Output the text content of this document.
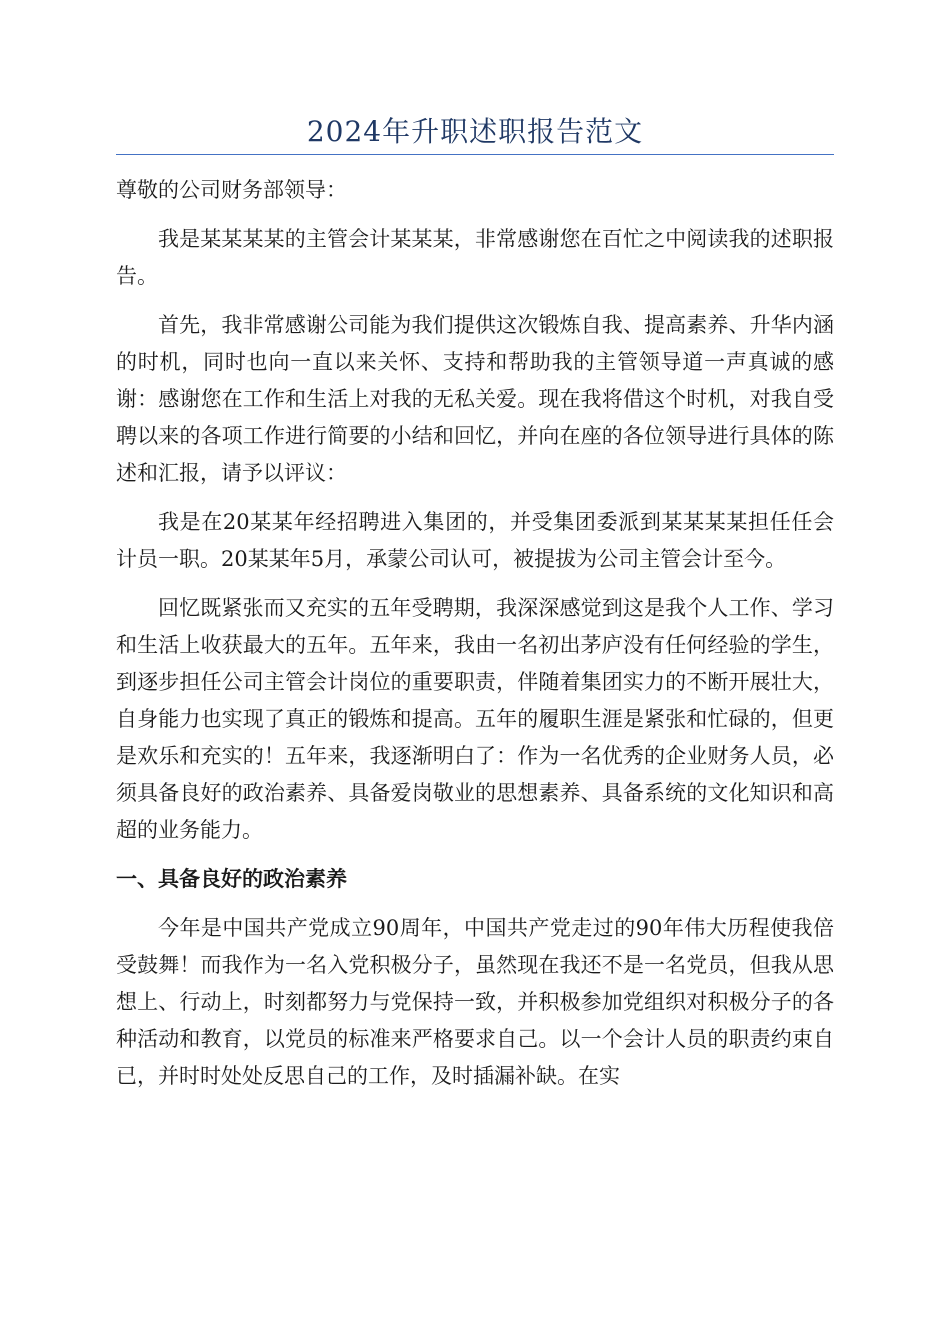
2024年升职述职报告范文

尊敬的公司财务部领导：

我是某某某某的主管会计某某某，非常感谢您在百忙之中阅读我的述职报告。

首先，我非常感谢公司能为我们提供这次锻炼自我、提高素养、升华内涵的时机，同时也向一直以来关怀、支持和帮助我的主管领导道一声真诚的感谢：感谢您在工作和生活上对我的无私关爱。现在我将借这个时机，对我自受聘以来的各项工作进行简要的小结和回忆，并向在座的各位领导进行具体的陈述和汇报，请予以评议：

我是在20某某年经招聘进入集团的，并受集团委派到某某某某担任任会计员一职。20某某年5月，承蒙公司认可，被提拔为公司主管会计至今。

回忆既紧张而又充实的五年受聘期，我深深感觉到这是我个人工作、学习和生活上收获最大的五年。五年来，我由一名初出茅庐没有任何经验的学生，到逐步担任公司主管会计岗位的重要职责，伴随着集团实力的不断开展壮大，自身能力也实现了真正的锻炼和提高。五年的履职生涯是紧张和忙碌的，但更是欢乐和充实的！五年来，我逐渐明白了：作为一名优秀的企业财务人员，必须具备良好的政治素养、具备爱岗敬业的思想素养、具备系统的文化知识和高超的业务能力。

一、具备良好的政治素养

今年是中国共产党成立90周年，中国共产党走过的90年伟大历程使我倍受鼓舞！而我作为一名入党积极分子，虽然现在我还不是一名党员，但我从思想上、行动上，时刻都努力与党保持一致，并积极参加党组织对积极分子的各种活动和教育，以党员的标准来严格要求自己。以一个会计人员的职责约束自已，并时时处处反思自己的工作，及时插漏补缺。在实
